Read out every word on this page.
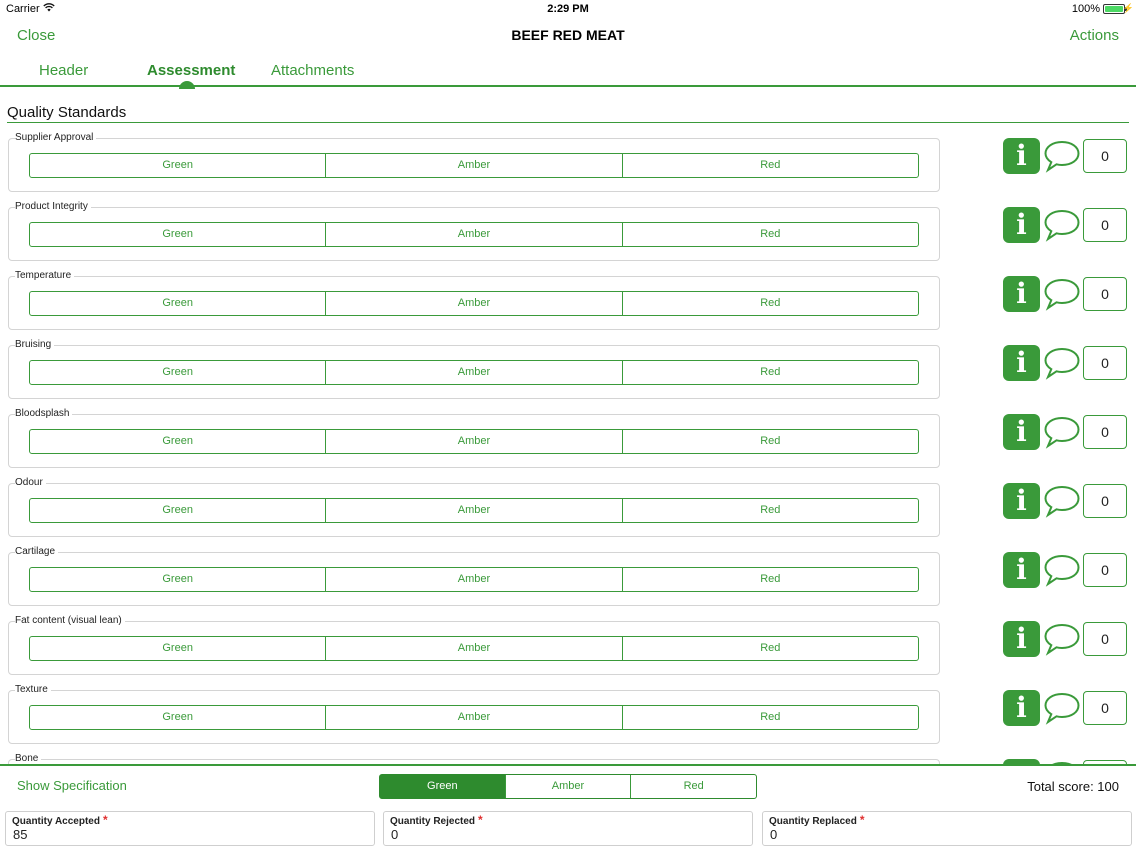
Carrier	2:29 PM	100%	⚡
Close	BEEF RED MEAT	Actions
Header	Assessment Attachments
Quality Standards
Supplier Approval
Green	Amber	Red	i	0
Product Integrity
Green	Amber	Red	i	0
Temperature
Green	Amber	Red	i	0
Bruising
Green	Amber	Red	i	0
Bloodsplash
Green	Amber	Red	i	0
Odour
Green	Amber	Red	i	0
Cartilage
Green	Amber	Red	i	0
Fat content (visual lean)
Green	Amber	Red	i	0
Texture
Green	Amber	Red	i	0
Bone
Show Specification	Green	Amber	Red	Total score: 100
Quantity Accepted *
85
Quantity Rejected *
0
Quantity Replaced *
0
